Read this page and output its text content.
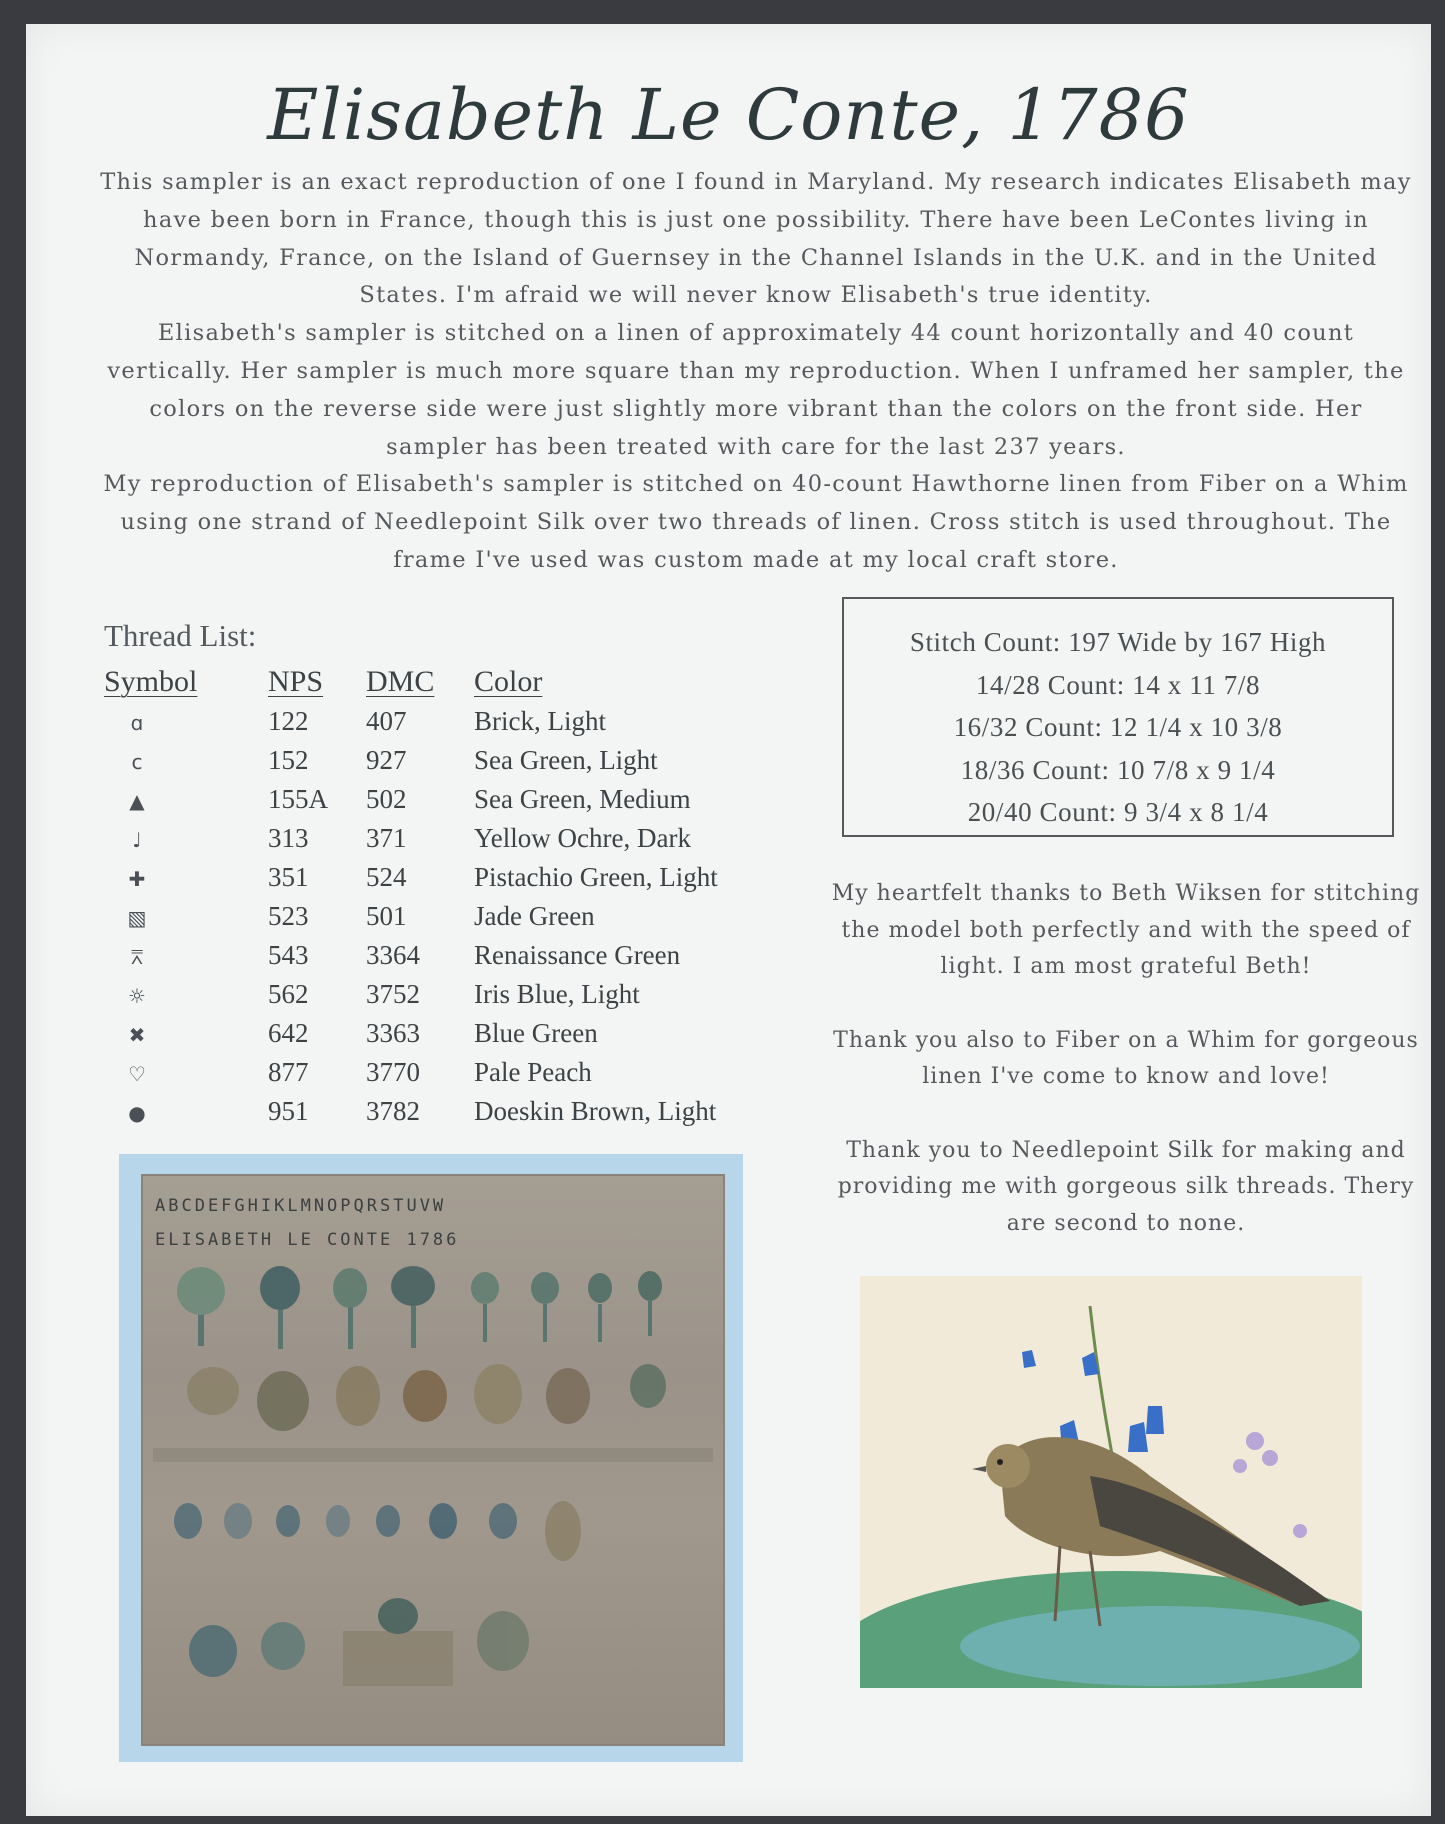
Elisabeth Le Conte, 1786

This sampler is an exact reproduction of one I found in Maryland. My research indicates Elisabeth may have been born in France, though this is just one possibility. There have been LeContes living in Normandy, France, on the Island of Guernsey in the Channel Islands in the U.K. and in the United States. I'm afraid we will never know Elisabeth's true identity.

Elisabeth's sampler is stitched on a linen of approximately 44 count horizontally and 40 count vertically. Her sampler is much more square than my reproduction. When I unframed her sampler, the colors on the reverse side were just slightly more vibrant than the colors on the front side. Her sampler has been treated with care for the last 237 years.

My reproduction of Elisabeth's sampler is stitched on 40-count Hawthorne linen from Fiber on a Whim using one strand of Needlepoint Silk over two threads of linen. Cross stitch is used throughout. The frame I've used was custom made at my local craft store.

Thread List:
Symbol	NPS	DMC	Color
ɑ	122	407	Brick, Light
c	152	927	Sea Green, Light
▲	155A	502	Sea Green, Medium
♩	313	371	Yellow Ochre, Dark
✚	351	524	Pistachio Green, Light
▧	523	501	Jade Green
⩞	543	3364	Renaissance Green
☼	562	3752	Iris Blue, Light
✖	642	3363	Blue Green
♡	877	3770	Pale Peach
●	951	3782	Doeskin Brown, Light
Stitch Count: 197 Wide by 167 High
14/28 Count: 14 x 11 7/8
16/32 Count: 12 1/4 x 10 3/8
18/36 Count: 10 7/8 x 9 1/4
20/40 Count: 9 3/4 x 8 1/4

My heartfelt thanks to Beth Wiksen for stitching the model both perfectly and with the speed of light. I am most grateful Beth!

Thank you also to Fiber on a Whim for gorgeous linen I've come to know and love!

Thank you to Needlepoint Silk for making and providing me with gorgeous silk threads. Thery are second to none.

ABCDEFGHIKLMNOPQRSTUVW
ELISABETH LE CONTE 1786
